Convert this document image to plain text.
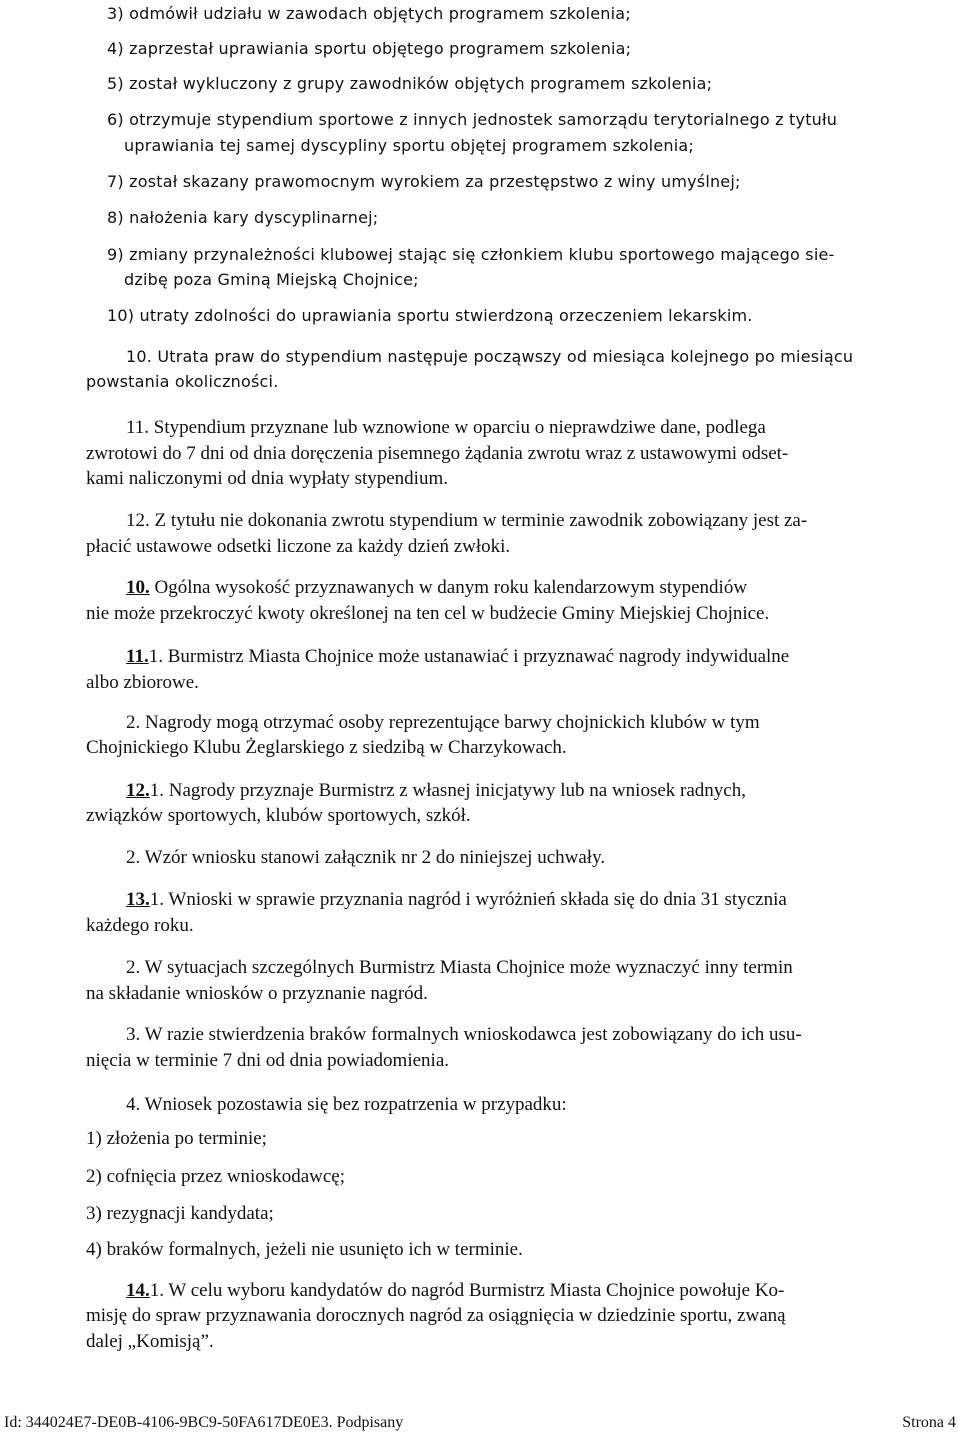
3) odmówił udziału w zawodach objętych programem szkolenia;
4) zaprzestał uprawiania sportu objętego programem szkolenia;
5) został wykluczony z grupy zawodników objętych programem szkolenia;
6) otrzymuje stypendium sportowe z innych jednostek samorządu terytorialnego z tytułu
uprawiania tej samej dyscypliny sportu objętej programem szkolenia;
7) został skazany prawomocnym wyrokiem za przestępstwo z winy umyślnej;
8) nałożenia kary dyscyplinarnej;
9) zmiany przynależności klubowej stając się członkiem klubu sportowego mającego sie-
dzibę poza Gminą Miejską Chojnice;
10) utraty zdolności do uprawiania sportu stwierdzoną orzeczeniem lekarskim.
10. Utrata praw do stypendium następuje począwszy od miesiąca kolejnego po miesiącu
powstania okoliczności.
11. Stypendium przyznane lub wznowione w oparciu o nieprawdziwe dane, podlega
zwrotowi do 7 dni od dnia doręczenia pisemnego żądania zwrotu wraz z ustawowymi odset-
kami naliczonymi od dnia wypłaty stypendium.
12. Z tytułu nie dokonania zwrotu stypendium w terminie zawodnik zobowiązany jest za-
płacić ustawowe odsetki liczone za każdy dzień zwłoki.
10. Ogólna wysokość przyznawanych w danym roku kalendarzowym stypendiów
nie może przekroczyć kwoty określonej na ten cel w budżecie Gminy Miejskiej Chojnice.
11.1. Burmistrz Miasta Chojnice może ustanawiać i przyznawać nagrody indywidualne
albo zbiorowe.
2. Nagrody mogą otrzymać osoby reprezentujące barwy chojnickich klubów w tym
Chojnickiego Klubu Żeglarskiego z siedzibą w Charzykowach.
12.1. Nagrody przyznaje Burmistrz z własnej inicjatywy lub na wniosek radnych,
związków sportowych, klubów sportowych, szkół.
2. Wzór wniosku stanowi załącznik nr 2 do niniejszej uchwały.
13.1. Wnioski w sprawie przyznania nagród i wyróżnień składa się do dnia 31 stycznia
każdego roku.
2. W sytuacjach szczególnych Burmistrz Miasta Chojnice może wyznaczyć inny termin
na składanie wniosków o przyznanie nagród.
3. W razie stwierdzenia braków formalnych wnioskodawca jest zobowiązany do ich usu-
nięcia w terminie 7 dni od dnia powiadomienia.
4. Wniosek pozostawia się bez rozpatrzenia w przypadku:
1) złożenia po terminie;
2) cofnięcia przez wnioskodawcę;
3) rezygnacji kandydata;
4) braków formalnych, jeżeli nie usunięto ich w terminie.
14.1. W celu wyboru kandydatów do nagród Burmistrz Miasta Chojnice powołuje Ko-
misję do spraw przyznawania dorocznych nagród za osiągnięcia w dziedzinie sportu, zwaną
dalej „Komisją”.
Id: 344024E7-DE0B-4106-9BC9-50FA617DE0E3. Podpisany	Strona 4
